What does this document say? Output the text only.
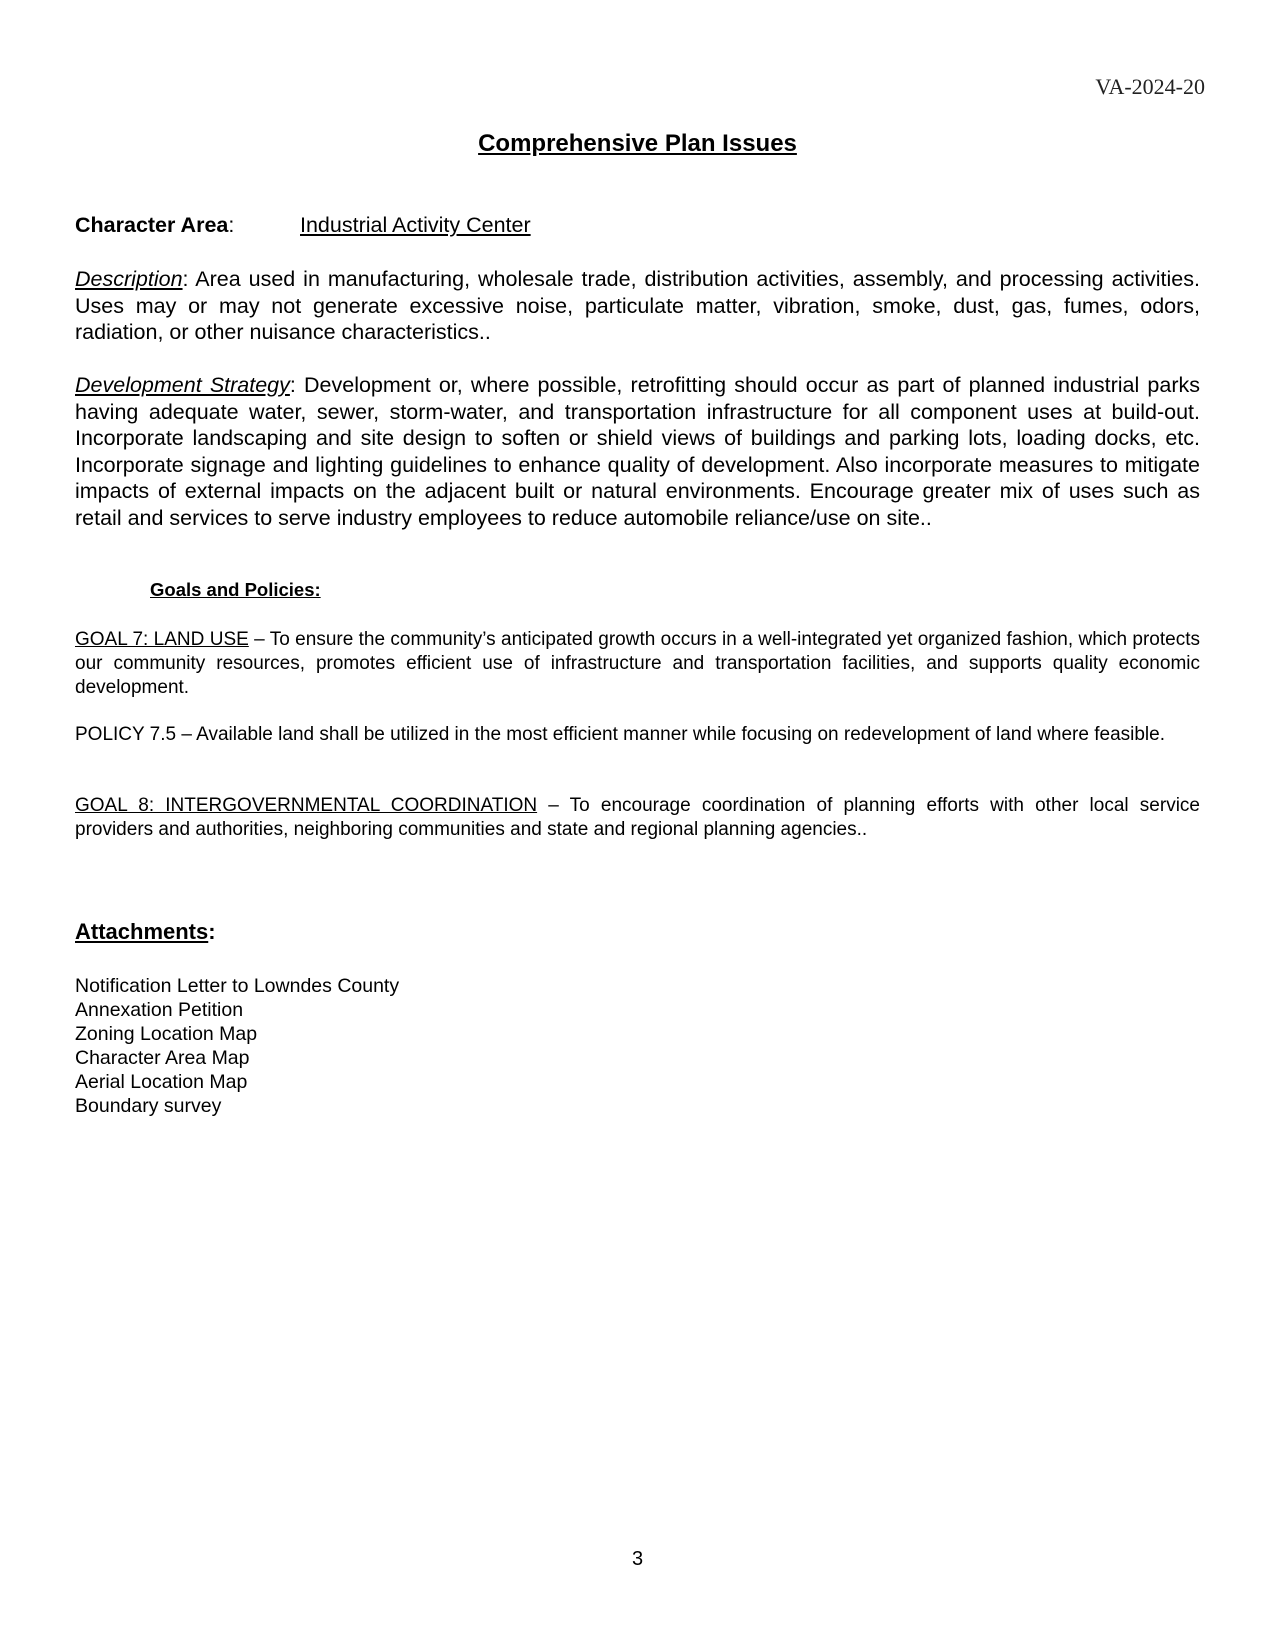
VA-2024-20
Comprehensive Plan Issues
Character Area:	Industrial Activity Center

Description: Area used in manufacturing, wholesale trade, distribution activities, assembly, and processing activities. Uses may or may not generate excessive noise, particulate matter, vibration, smoke, dust, gas, fumes, odors, radiation, or other nuisance characteristics..

Development Strategy: Development or, where possible, retrofitting should occur as part of planned industrial parks having adequate water, sewer, storm-water, and transportation infrastructure for all component uses at build-out. Incorporate landscaping and site design to soften or shield views of buildings and parking lots, loading docks, etc. Incorporate signage and lighting guidelines to enhance quality of development. Also incorporate measures to mitigate impacts of external impacts on the adjacent built or natural environments. Encourage greater mix of uses such as retail and services to serve industry employees to reduce automobile reliance/use on site..

Goals and Policies:

GOAL 7: LAND USE – To ensure the community’s anticipated growth occurs in a well-integrated yet organized fashion, which protects our community resources, promotes efficient use of infrastructure and transportation facilities, and supports quality economic development.

POLICY 7.5 – Available land shall be utilized in the most efficient manner while focusing on redevelopment of land where feasible.

GOAL 8: INTERGOVERNMENTAL COORDINATION – To encourage coordination of planning efforts with other local service providers and authorities, neighboring communities and state and regional planning agencies..

Attachments:
Notification Letter to Lowndes County
Annexation Petition
Zoning Location Map
Character Area Map
Aerial Location Map
Boundary survey
3
